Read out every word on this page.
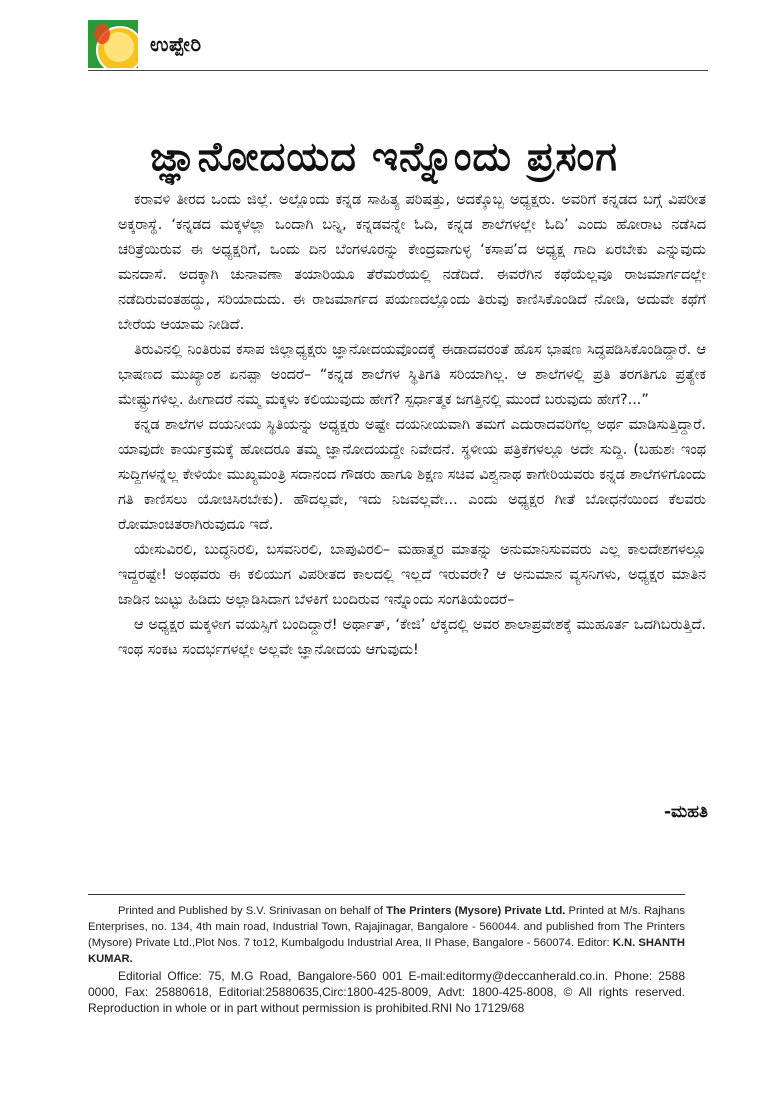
ಉಪ್ಪೇರಿ
ಜ್ಞಾನೋದಯದ ಇನ್ನೊಂದು ಪ್ರಸಂಗ

ಕರಾವಳಿ ತೀರದ ಒಂದು ಜಿಲ್ಲೆ. ಅಲ್ಲೊಂದು ಕನ್ನಡ ಸಾಹಿತ್ಯ ಪರಿಷತ್ತು, ಅದಕ್ಕೊಬ್ಬ ಅಧ್ಯಕ್ಷರು. ಅವರಿಗೆ ಕನ್ನಡದ ಬಗ್ಗೆ ವಿಪರೀತ ಅಕ್ಕರಾಸ್ಥೆ. ‘ಕನ್ನಡದ ಮಕ್ಕಳೆಲ್ಲಾ ಒಂದಾಗಿ ಬನ್ನಿ, ಕನ್ನಡವನ್ನೇ ಓದಿ, ಕನ್ನಡ ಶಾಲೆಗಳಲ್ಲೇ ಓದಿ’ ಎಂದು ಹೋರಾಟ ನಡೆಸಿದ ಚರಿತ್ರೆಯಿರುವ ಈ ಅಧ್ಯಕ್ಷರಿಗೆ, ಒಂದು ದಿನ ಬೆಂಗಳೂರನ್ನು ಕೇಂದ್ರವಾಗುಳ್ಳ ‘ಕಸಾಪ’ದ ಅಧ್ಯಕ್ಷ ಗಾದಿ ಏರಬೇಕು ಎನ್ನುವುದು ಮನದಾಸೆ. ಅದಕ್ಕಾಗಿ ಚುನಾವಣಾ ತಯಾರಿಯೂ ತೆರೆಮರೆಯಲ್ಲಿ ನಡೆದಿದೆ. ಈವರೆಗಿನ ಕಥೆಯೆಲ್ಲವೂ ರಾಜಮಾರ್ಗದಲ್ಲೇ ನಡೆದಿರುವಂತಹದ್ದು, ಸರಿಯಾದುದು. ಈ ರಾಜಮಾರ್ಗದ ಪಯಣದಲ್ಲೊಂದು ತಿರುವು ಕಾಣಿಸಿಕೊಂಡಿದೆ ನೋಡಿ, ಅದುವೇ ಕಥೆಗೆ ಬೇರೆಯ ಆಯಾಮ ನೀಡಿದೆ.

ತಿರುವಿನಲ್ಲಿ ನಿಂತಿರುವ ಕಸಾಪ ಜಿಲ್ಲಾಧ್ಯಕ್ಷರು ಜ್ಞಾನೋದಯವೊಂದಕ್ಕೆ ಈಡಾದವರಂತೆ ಹೊಸ ಭಾಷಣ ಸಿದ್ಧಪಡಿಸಿಕೊಂಡಿದ್ದಾರೆ. ಆ ಭಾಷಣದ ಮುಖ್ಯಾಂಶ ಏನಪ್ಪಾ ಅಂದರೆ– “ಕನ್ನಡ ಶಾಲೆಗಳ ಸ್ಥಿತಿಗತಿ ಸರಿಯಾಗಿಲ್ಲ. ಆ ಶಾಲೆಗಳಲ್ಲಿ ಪ್ರತಿ ತರಗತಿಗೂ ಪ್ರತ್ಯೇಕ ಮೇಷ್ಟ್ರುಗಳಿಲ್ಲ. ಹೀಗಾದರೆ ನಮ್ಮ ಮಕ್ಕಳು ಕಲಿಯುವುದು ಹೇಗೆ? ಸ್ಪರ್ಧಾತ್ಮಕ ಜಗತ್ತಿನಲ್ಲಿ ಮುಂದೆ ಬರುವುದು ಹೇಗೆ?...”

ಕನ್ನಡ ಶಾಲೆಗಳ ದಯನೀಯ ಸ್ಥಿತಿಯನ್ನು ಅಧ್ಯಕ್ಷರು ಅಷ್ಟೇ ದಯನೀಯವಾಗಿ ತಮಗೆ ಎದುರಾದವರಿಗೆಲ್ಲ ಅರ್ಥ ಮಾಡಿಸುತ್ತಿದ್ದಾರೆ. ಯಾವುದೇ ಕಾರ್ಯಕ್ರಮಕ್ಕೆ ಹೋದರೂ ತಮ್ಮ ಜ್ಞಾನೋದಯದ್ದೇ ನಿವೇದನೆ. ಸ್ಥಳೀಯ ಪತ್ರಿಕೆಗಳಲ್ಲೂ ಅದೇ ಸುದ್ದಿ. (ಬಹುಶಃ ಇಂಥ ಸುದ್ದಿಗಳನ್ನೆಲ್ಲ ಕೇಳಿಯೇ ಮುಖ್ಯಮಂತ್ರಿ ಸದಾನಂದ ಗೌಡರು ಹಾಗೂ ಶಿಕ್ಷಣ ಸಚಿವ ವಿಶ್ವನಾಥ ಕಾಗೇರಿಯವರು ಕನ್ನಡ ಶಾಲೆಗಳಿಗೊಂದು ಗತಿ ಕಾಣಿಸಲು ಯೋಚಿಸಿರಬೇಕು). ಹೌದಲ್ಲವೇ, ಇದು ನಿಜವಲ್ಲವೇ... ಎಂದು ಅಧ್ಯಕ್ಷರ ಗೀತೆ ಬೋಧನೆಯಿಂದ ಕೆಲವರು ರೋಮಾಂಚಿತರಾಗಿರುವುದೂ ಇದೆ.

ಯೇಸುವಿರಲಿ, ಬುದ್ಧನಿರಲಿ, ಬಸವನಿರಲಿ, ಬಾಪುವಿರಲಿ– ಮಹಾತ್ಮರ ಮಾತನ್ನು ಅನುಮಾನಿಸುವವರು ಎಲ್ಲ ಕಾಲದೇಶಗಳಲ್ಲೂ ಇದ್ದರಷ್ಟೇ! ಅಂಥವರು ಈ ಕಲಿಯುಗ ವಿಪರೀತದ ಕಾಲದಲ್ಲಿ ಇಲ್ಲದೆ ಇರುವರೇ? ಆ ಅನುಮಾನ ವ್ಯಸನಿಗಳು, ಅಧ್ಯಕ್ಷರ ಮಾತಿನ ಜಾಡಿನ ಜುಟ್ಟು ಹಿಡಿದು ಅಲ್ಲಾಡಿಸಿದಾಗ ಬೆಳಕಿಗೆ ಬಂದಿರುವ ಇನ್ನೊಂದು ಸಂಗತಿಯೆಂದರೆ–

ಆ ಅಧ್ಯಕ್ಷರ ಮಕ್ಕಳೀಗ ವಯಸ್ಸಿಗೆ ಬಂದಿದ್ದಾರೆ! ಅರ್ಥಾತ್, ‘ಕೇಜಿ’ ಲೆಕ್ಕದಲ್ಲಿ ಅವರ ಶಾಲಾಪ್ರವೇಶಕ್ಕೆ ಮುಹೂರ್ತ ಒದಗಿಬರುತ್ತಿದೆ. ಇಂಥ ಸಂಕಟ ಸಂದರ್ಭಗಳಲ್ಲೇ ಅಲ್ಲವೇ ಜ್ಞಾನೋದಯ ಆಗುವುದು!

-ಮಹತಿ

Printed and Published by S.V. Srinivasan on behalf of The Printers (Mysore) Private Ltd. Printed at M/s. Rajhans Enterprises, no. 134, 4th main road, Industrial Town, Rajajinagar, Bangalore - 560044. and published from The Printers (Mysore) Private Ltd.,Plot Nos. 7 to12, Kumbalgodu Industrial Area, II Phase, Bangalore - 560074. Editor: K.N. SHANTH KUMAR.

Editorial Office: 75, M.G Road, Bangalore-560 001 E-mail:editormy@deccanherald.co.in. Phone: 2588 0000, Fax: 25880618, Editorial:25880635,Circ:1800-425-8009, Advt: 1800-425-8008, © All rights reserved. Reproduction in whole or in part without permission is prohibited.RNI No 17129/68
